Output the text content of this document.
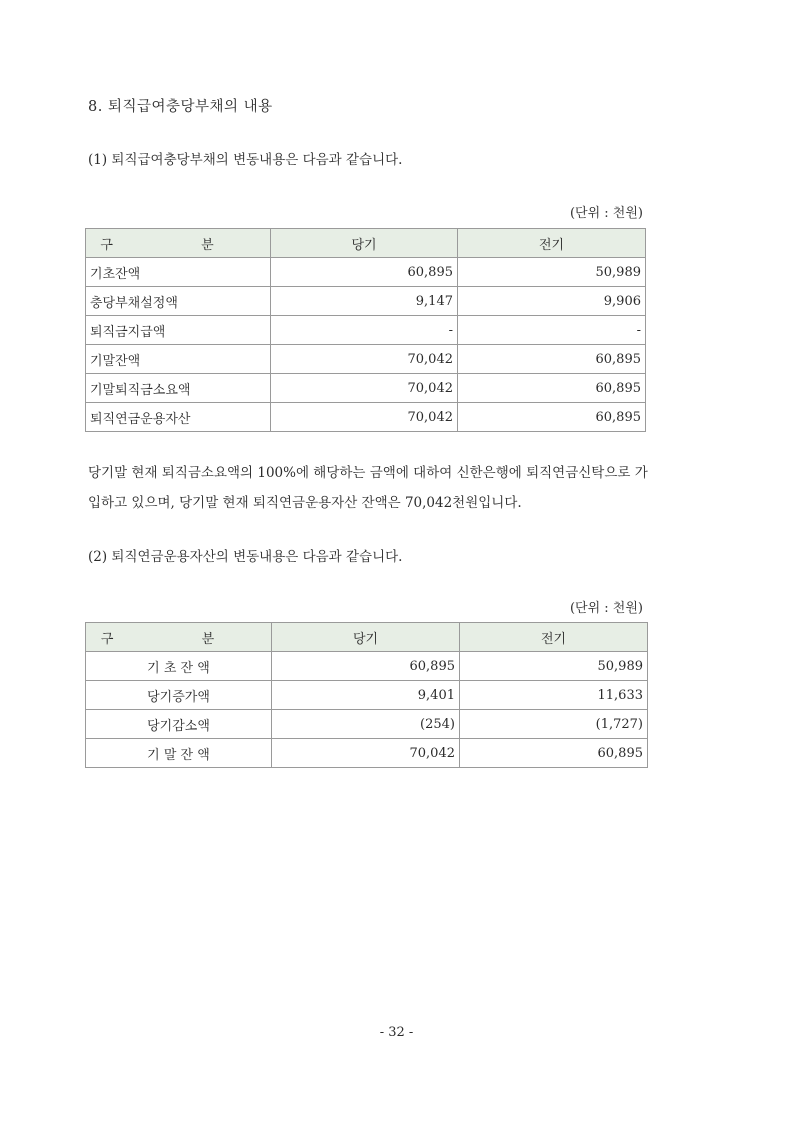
8. 퇴직급여충당부채의 내용
(1) 퇴직급여충당부채의 변동내용은 다음과 같습니다.
(단위 : 천원)
구 분	당기	전기
기초잔액	60,895	50,989
충당부채설정액	9,147	9,906
퇴직금지급액	-	-
기말잔액	70,042	60,895
기말퇴직금소요액	70,042	60,895
퇴직연금운용자산	70,042	60,895
당기말 현재 퇴직금소요액의 100%에 해당하는 금액에 대하여 신한은행에 퇴직연금신탁으로 가입하고 있으며, 당기말 현재 퇴직연금운용자산 잔액은 70,042천원입니다.
(2) 퇴직연금운용자산의 변동내용은 다음과 같습니다.
(단위 : 천원)
구 분	당기	전기
기 초 잔 액	60,895	50,989
당기증가액	9,401	11,633
당기감소액	(254)	(1,727)
기 말 잔 액	70,042	60,895
- 32 -
